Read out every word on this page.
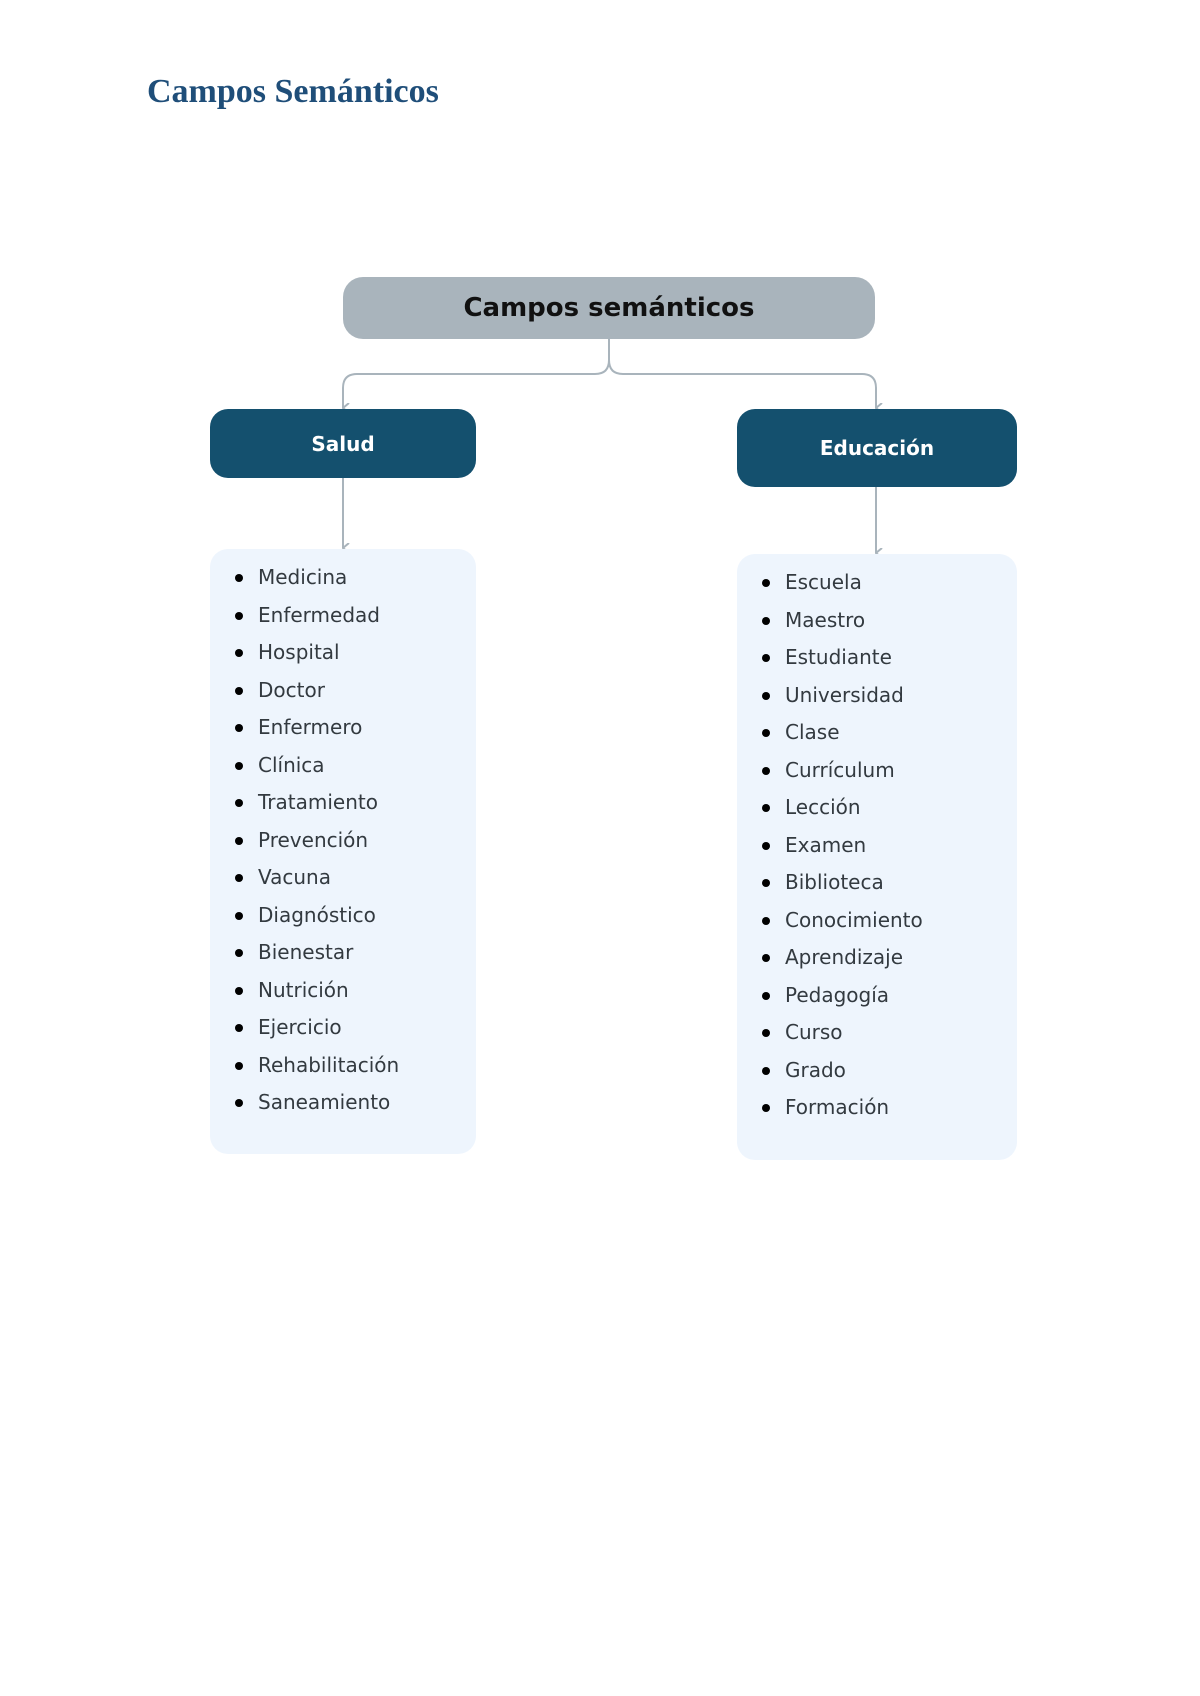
Campos Semánticos
Campos semánticos
Salud	Educación
Medicina
Enfermedad
Hospital
Doctor
Enfermero
Clínica
Tratamiento
Prevención
Vacuna
Diagnóstico
Bienestar
Nutrición
Ejercicio
Rehabilitación
Saneamiento
Escuela
Maestro
Estudiante
Universidad
Clase
Currículum
Lección
Examen
Biblioteca
Conocimiento
Aprendizaje
Pedagogía
Curso
Grado
Formación
